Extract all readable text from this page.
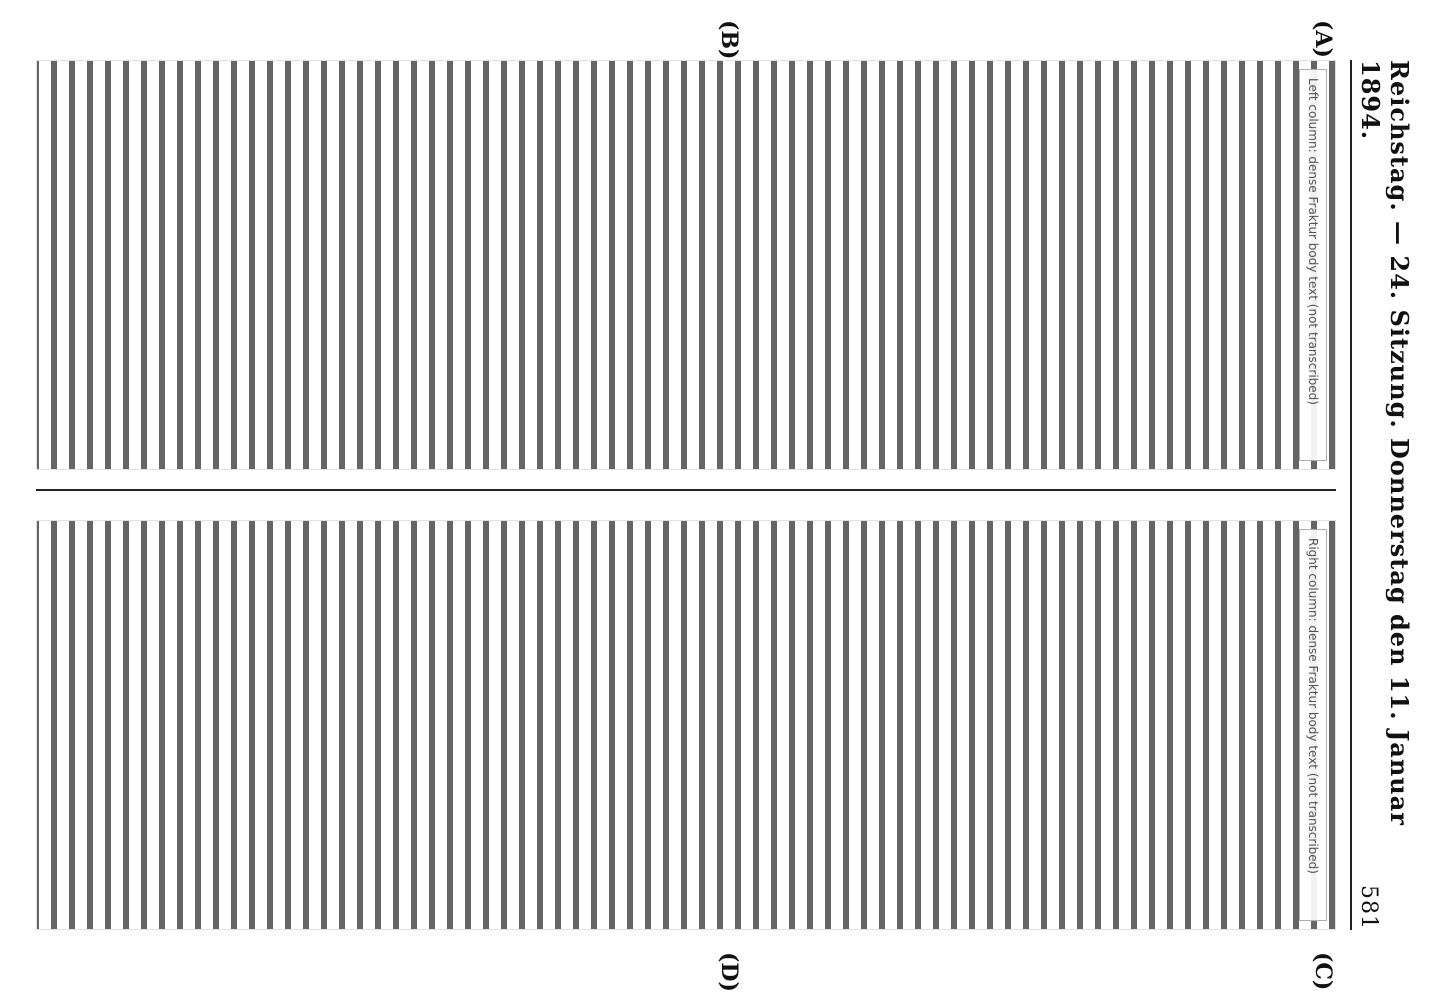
Reichstag. — 24. Sitzung. Donnerstag den 11. Januar 1894.
581
(A)
(B)
(C)
(D)
Left column: dense Fraktur body text (not transcribed)
Right column: dense Fraktur body text (not transcribed)
